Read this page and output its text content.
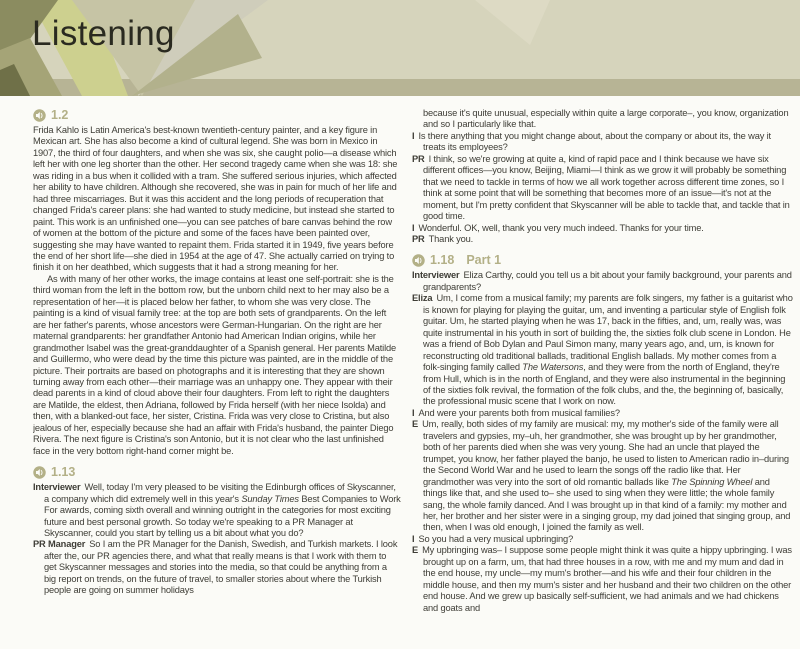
Listening
1.2

Frida Kahlo is Latin America's best-known twentieth-century painter, and a key figure in Mexican art. She has also become a kind of cultural legend. She was born in Mexico in 1907, the third of four daughters, and when she was six, she caught polio—a disease which left her with one leg shorter than the other. Her second tragedy came when she was 18: she was riding in a bus when it collided with a tram. She suffered serious injuries, which affected her ability to have children. Although she recovered, she was in pain for much of her life and had three miscarriages. But it was this accident and the long periods of recuperation that changed Frida's career plans: she had wanted to study medicine, but instead she started to paint. This work is an unfinished one—you can see patches of bare canvas behind the row of women at the bottom of the picture and some of the faces have been painted over, suggesting she may have wanted to repaint them. Frida started it in 1949, five years before the end of her short life—she died in 1954 at the age of 47. She actually carried on trying to finish it on her deathbed, which suggests that it had a strong meaning for her.

As with many of her other works, the image contains at least one self-portrait: she is the third woman from the left in the bottom row, but the unborn child next to her may also be a representation of her—it is placed below her father, to whom she was very close. The painting is a kind of visual family tree: at the top are both sets of grandparents. On the left are her father's parents, whose ancestors were German-Hungarian. On the right are her maternal grandparents: her grandfather Antonio had American Indian origins, while her grandmother Isabel was the great-granddaughter of a Spanish general. Her parents Matilde and Guillermo, who were dead by the time this picture was painted, are in the middle of the picture. Their portraits are based on photographs and it is interesting that they are shown turning away from each other—their marriage was an unhappy one. They appear with their dead parents in a kind of cloud above their four daughters. From left to right the daughters are Matilde, the eldest, then Adriana, followed by Frida herself (with her niece Isolda) and then, with a blanked-out face, her sister, Cristina. Frida was very close to Cristina, but also jealous of her, especially because she had an affair with Frida's husband, the painter Diego Rivera. The next figure is Cristina's son Antonio, but it is not clear who the last unfinished face in the very bottom right-hand corner might be.

1.13

Interviewer Well, today I'm very pleased to be visiting the Edinburgh offices of Skyscanner, a company which did extremely well in this year's Sunday Times Best Companies to Work For awards, coming sixth overall and winning outright in the categories for most exciting future and best personal growth. So today we're speaking to a PR Manager at Skyscanner, could you start by telling us a bit about what you do?

PR Manager So I am the PR Manager for the Danish, Swedish, and Turkish markets. I look after the, our PR agencies there, and what that really means is that I work with them to get Skyscanner messages and stories into the media, so that could be anything from a big report on trends, on the future of travel, to smaller stories about where the Turkish people are going on summer holidays

because it's quite unusual, especially within quite a large corporate–, you know, organization and so I particularly like that.

I Is there anything that you might change about, about the company or about its, the way it treats its employees?

PR I think, so we're growing at quite a, kind of rapid pace and I think because we have six different offices—you know, Beijing, Miami—I think as we grow it will probably be something that we need to tackle in terms of how we all work together across different time zones, so I think at some point that will be something that becomes more of an issue—it's not at the moment, but I'm pretty confident that Skyscanner will be able to tackle that, and tackle that in good time.

I Wonderful. OK, well, thank you very much indeed. Thanks for your time.

PR Thank you.

1.18 Part 1

Interviewer Eliza Carthy, could you tell us a bit about your family background, your parents and grandparents?

Eliza Um, I come from a musical family; my parents are folk singers, my father is a guitarist who is known for playing for playing the guitar, um, and inventing a particular style of English folk guitar. Um, he started playing when he was 17, back in the fifties, and, um, really was, was quite instrumental in his youth in sort of building the, the sixties folk club scene in London. He was a friend of Bob Dylan and Paul Simon many, many years ago, and, um, is known for reconstructing old traditional ballads, traditional English ballads. My mother comes from a folk-singing family called The Watersons, and they were from the north of England, they're from Hull, which is in the north of England, and they were also instrumental in the beginning of the sixties folk revival, the formation of the folk clubs, and the, the beginning of, basically, the professional music scene that I work on now.

I And were your parents both from musical families?

E Um, really, both sides of my family are musical: my, my mother's side of the family were all travelers and gypsies, my–uh, her grandmother, she was brought up by her grandmother, both of her parents died when she was very young. She had an uncle that played the trumpet, you know, her father played the banjo, he used to listen to American radio in–during the Second World War and he used to learn the songs off the radio like that. Her grandmother was very into the sort of old romantic ballads like The Spinning Wheel and things like that, and she used to– she used to sing when they were little; the whole family sang, the whole family danced. And I was brought up in that kind of a family: my mother and her, her brother and her sister were in a singing group, my dad joined that singing group, and then, when I was old enough, I joined the family as well.

I So you had a very musical upbringing?

E My upbringing was– I suppose some people might think it was quite a hippy upbringing. I was brought up on a farm, um, that had three houses in a row, with me and my mum and dad in the end house, my uncle—my mum's brother—and his wife and their four children in the middle house, and then my mum's sister and her husband and their two children on the other end house. And we grew up basically self-sufficient, we had animals and we had chickens and goats and
